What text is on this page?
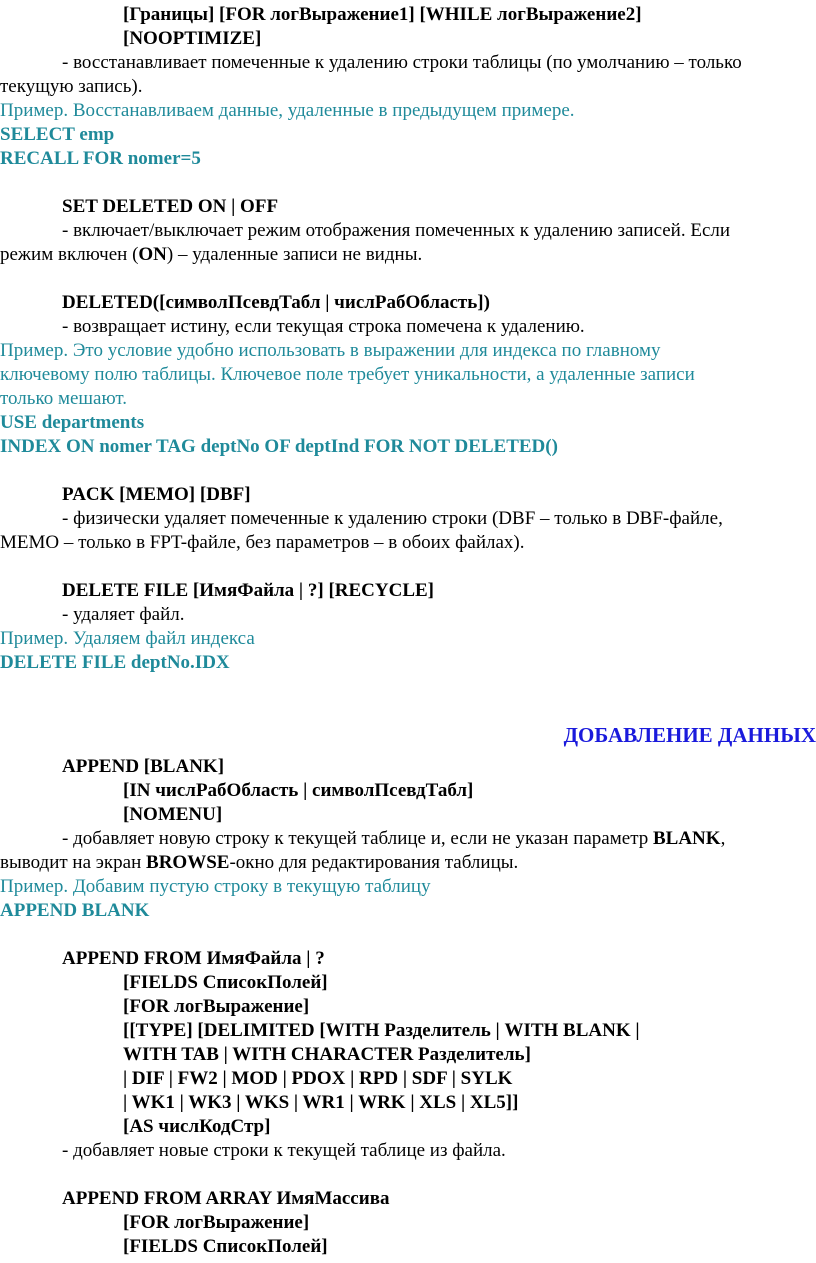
[Границы] [FOR логВыражение1] [WHILE логВыражение2]

[NOOPTIMIZE]

- восстанавливает помеченные к удалению строки таблицы (по умолчанию – только

текущую запись).

Пример. Восстанавливаем данные, удаленные в предыдущем примере.

SELECT emp

RECALL FOR nomer=5

SET DELETED ON | OFF

- включает/выключает режим отображения помеченных к удалению записей. Если

режим включен (ON) – удаленные записи не видны.

DELETED([символПсевдТабл | числРабОбласть])

- возвращает истину, если текущая строка помечена к удалению.

Пример. Это условие удобно использовать в выражении для индекса по главному

ключевому полю таблицы. Ключевое поле требует уникальности, а удаленные записи

только мешают.

USE departments

INDEX ON nomer TAG deptNo OF deptInd FOR NOT DELETED()

PACK [MEMO] [DBF]

- физически удаляет помеченные к удалению строки (DBF – только в DBF-файле,

MEMO – только в FPT-файле, без параметров – в обоих файлах).

DELETE FILE [ИмяФайла | ?] [RECYCLE]

- удаляет файл.

Пример. Удаляем файл индекса

DELETE FILE deptNo.IDX

ДОБАВЛЕНИЕ ДАННЫХ

APPEND [BLANK]

[IN числРабОбласть | символПсевдТабл]

[NOMENU]

- добавляет новую строку к текущей таблице и, если не указан параметр BLANK,

выводит на экран BROWSE-окно для редактирования таблицы.

Пример. Добавим пустую строку в текущую таблицу

APPEND BLANK

APPEND FROM ИмяФайла | ?

[FIELDS СписокПолей]

[FOR логВыражение]

[[TYPE] [DELIMITED [WITH Разделитель | WITH BLANK |

WITH TAB | WITH CHARACTER Разделитель]

| DIF | FW2 | MOD | PDOX | RPD | SDF | SYLK

| WK1 | WK3 | WKS | WR1 | WRK | XLS | XL5]]

[AS числКодСтр]

- добавляет новые строки к текущей таблице из файла.

APPEND FROM ARRAY ИмяМассива

[FOR логВыражение]

[FIELDS СписокПолей]
